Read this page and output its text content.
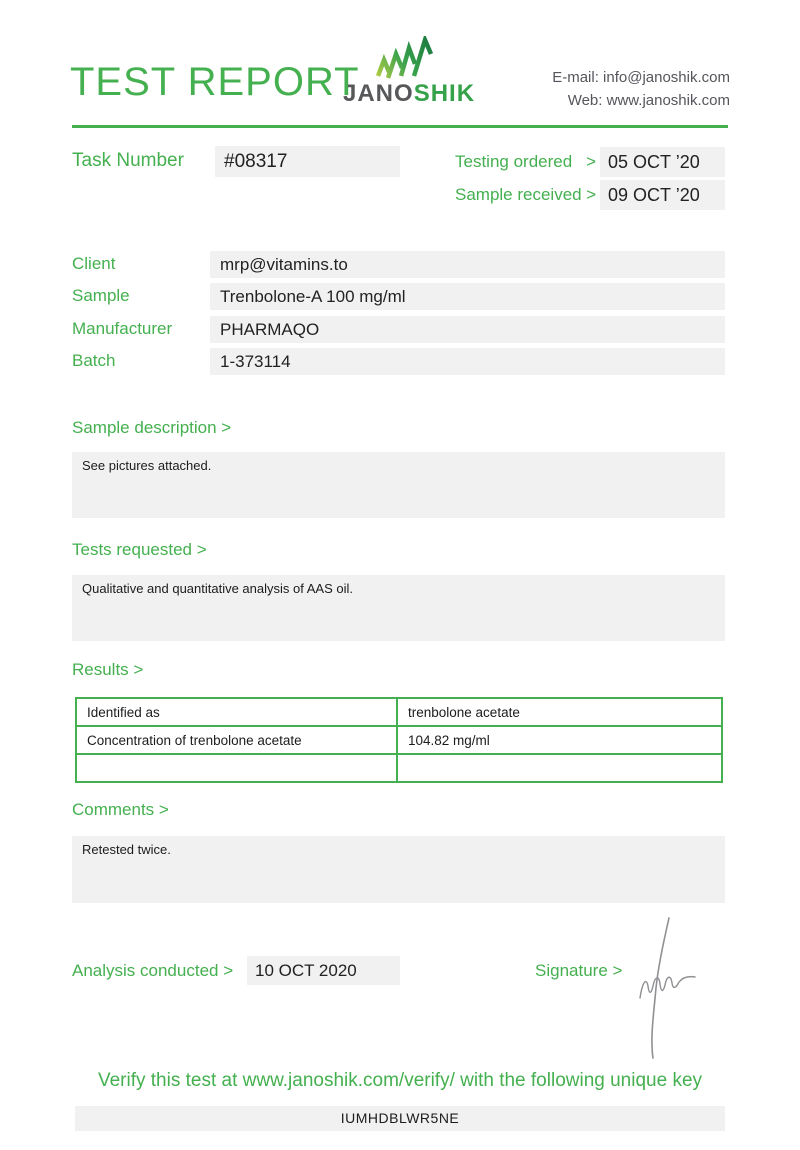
TEST REPORT
JANOSHIK
E-mail: info@janoshik.com
Web: www.janoshik.com
Task Number	#08317	Testing ordered > 05 OCT ’20
Sample received > 09 OCT ’20
Client	mrp@vitamins.to
Sample	Trenbolone-A 100 mg/ml
Manufacturer	PHARMAQO
Batch	1-373114
Sample description >
See pictures attached.
Tests requested >
Qualitative and quantitative analysis of AAS oil.
Results >
Identified as	trenbolone acetate
Concentration of trenbolone acetate	104.82 mg/ml

Comments >
Retested twice.
Analysis conducted >	10 OCT 2020	Signature >
Verify this test at www.janoshik.com/verify/ with the following unique key
IUMHDBLWR5NE
